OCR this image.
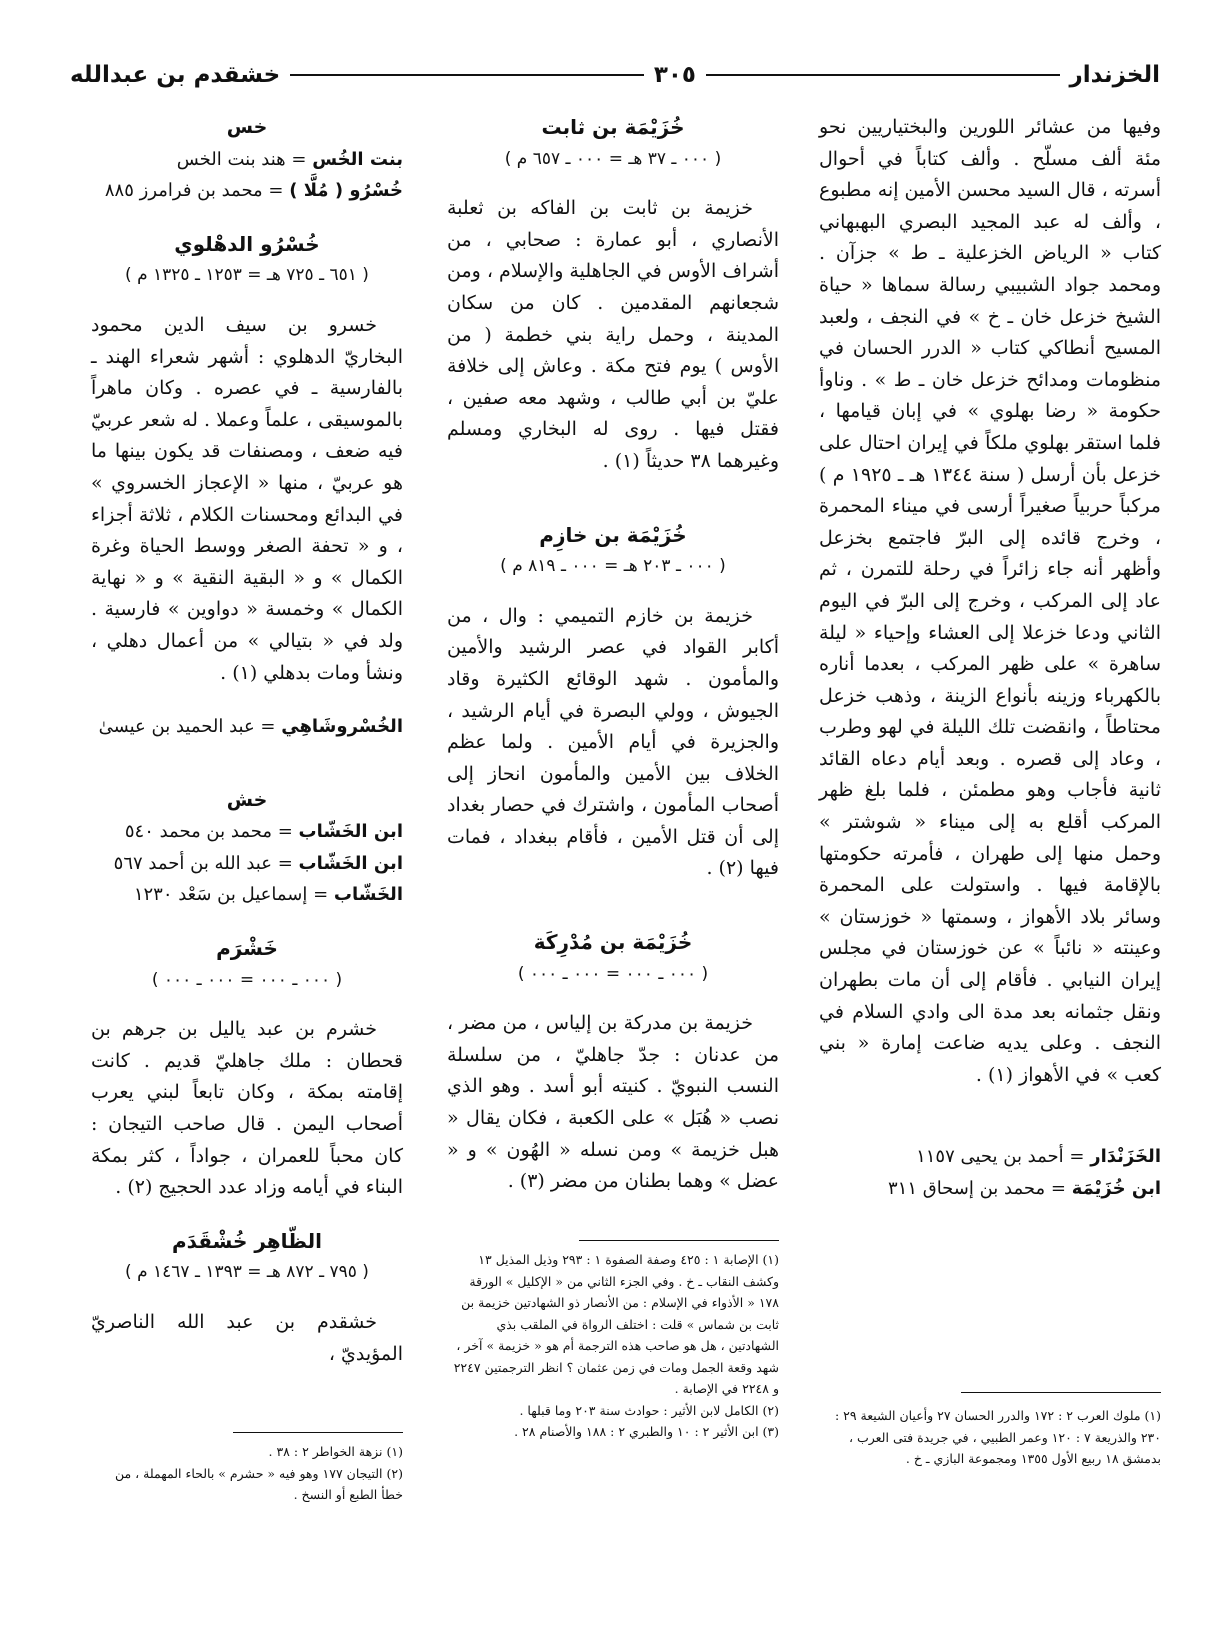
الخزندار
٣٠٥
خشقدم بن عبدالله

وفيها من عشائر اللورين والبختياريين نحو مئة ألف مسلّح . وألف كتاباً في أحوال أسرته ، قال السيد محسن الأمين إنه مطبوع ، وألف له عبد المجيد البصري البهبهاني كتاب « الرياض الخزعلية ـ ط » جزآن . ومحمد جواد الشبيبي رسالة سماها « حياة الشيخ خزعل خان ـ خ » في النجف ، ولعبد المسيح أنطاكي كتاب « الدرر الحسان في منظومات ومدائح خزعل خان ـ ط » . وناوأ حكومة « رضا بهلوي » في إبان قيامها ، فلما استقر بهلوي ملكاً في إيران احتال على خزعل بأن أرسل ( سنة ١٣٤٤ هـ ـ ١٩٢٥ م ) مركباً حربياً صغيراً أرسى في ميناء المحمرة ، وخرج قائده إلى البرّ فاجتمع بخزعل وأظهر أنه جاء زائراً في رحلة للتمرن ، ثم عاد إلى المركب ، وخرج إلى البرّ في اليوم الثاني ودعا خزعلا إلى العشاء وإحياء « ليلة ساهرة » على ظهر المركب ، بعدما أناره بالكهرباء وزينه بأنواع الزينة ، وذهب خزعل محتاطاً ، وانقضت تلك الليلة في لهو وطرب ، وعاد إلى قصره . وبعد أيام دعاه القائد ثانية فأجاب وهو مطمئن ، فلما بلغ ظهر المركب أقلع به إلى ميناء « شوشتر » وحمل منها إلى طهران ، فأمرته حكومتها بالإقامة فيها . واستولت على المحمرة وسائر بلاد الأهواز ، وسمتها « خوزستان » وعينته « نائباً » عن خوزستان في مجلس إيران النيابي . فأقام إلى أن مات بطهران ونقل جثمانه بعد مدة الى وادي السلام في النجف . وعلى يديه ضاعت إمارة « بني كعب » في الأهواز (١) .

الخَزَنْدَار = أحمد بن يحيى ١١٥٧

ابن خُزَيْمَة = محمد بن إسحاق ٣١١

(١) ملوك العرب ٢ : ١٧٢ والدرر الحسان ٢٧ وأعيان الشيعة ٢٩ : ٢٣٠ والذريعة ٧ : ١٢٠ وعمر الطبيي ، في جريدة فتى العرب ، بدمشق ١٨ ربيع الأول ١٣٥٥ ومجموعة البازي ـ خ .

خُزَيْمَة بن ثابت

( ٠٠٠ ـ ٣٧ هـ = ٠٠٠ ـ ٦٥٧ م )

خزيمة بن ثابت بن الفاكه بن ثعلبة الأنصاري ، أبو عمارة : صحابي ، من أشراف الأوس في الجاهلية والإسلام ، ومن شجعانهم المقدمين . كان من سكان المدينة ، وحمل راية بني خطمة ( من الأوس ) يوم فتح مكة . وعاش إلى خلافة عليّ بن أبي طالب ، وشهد معه صفين ، فقتل فيها . روى له البخاري ومسلم وغيرهما ٣٨ حديثاً (١) .

خُزَيْمَة بن خازِم

( ٠٠٠ ـ ٢٠٣ هـ = ٠٠٠ ـ ٨١٩ م )

خزيمة بن خازم التميمي : وال ، من أكابر القواد في عصر الرشيد والأمين والمأمون . شهد الوقائع الكثيرة وقاد الجيوش ، وولي البصرة في أيام الرشيد ، والجزيرة في أيام الأمين . ولما عظم الخلاف بين الأمين والمأمون انحاز إلى أصحاب المأمون ، واشترك في حصار بغداد إلى أن قتل الأمين ، فأقام ببغداد ، فمات فيها (٢) .

خُزَيْمَة بن مُدْرِكَة

( ٠٠٠ ـ ٠٠٠ = ٠٠٠ ـ ٠٠٠ )

خزيمة بن مدركة بن إلياس ، من مضر ، من عدنان : جدّ جاهليّ ، من سلسلة النسب النبويّ . كنيته أبو أسد . وهو الذي نصب « هُبَل » على الكعبة ، فكان يقال « هبل خزيمة » ومن نسله « الهُون » و « عضل » وهما بطنان من مضر (٣) .

(١) الإصابة ١ : ٤٢٥ وصفة الصفوة ١ : ٢٩٣ وذيل المذيل ١٣ وكشف النقاب ـ خ . وفي الجزء الثاني من « الإكليل » الورقة ١٧٨ « الأذواء في الإسلام : من الأنصار ذو الشهادتين خزيمة بن ثابت بن شماس » قلت : اختلف الرواة في الملقب بذي الشهادتين ، هل هو صاحب هذه الترجمة أم هو « خزيمة » آخر ، شهد وقعة الجمل ومات في زمن عثمان ؟ انظر الترجمتين ٢٢٤٧ و ٢٢٤٨ في الإصابة .
(٢) الكامل لابن الأثير : حوادث سنة ٢٠٣ وما قبلها .
(٣) ابن الأثير ٢ : ١٠ والطبري ٢ : ١٨٨ والأصنام ٢٨ .

خس

بنت الخُس = هند بنت الخس

خُسْرُو ( مُلَّا ) = محمد بن فرامرز ٨٨٥

خُسْرُو الدهْلوي

( ٦٥١ ـ ٧٢٥ هـ = ١٢٥٣ ـ ١٣٢٥ م )

خسرو بن سيف الدين محمود البخاريّ الدهلوي : أشهر شعراء الهند ـ بالفارسية ـ في عصره . وكان ماهراً بالموسيقى ، علماً وعملا . له شعر عربيّ فيه ضعف ، ومصنفات قد يكون بينها ما هو عربيّ ، منها « الإعجاز الخسروي » في البدائع ومحسنات الكلام ، ثلاثة أجزاء ، و « تحفة الصغر ووسط الحياة وغرة الكمال » و « البقية النقية » و « نهاية الكمال » وخمسة « دواوين » فارسية . ولد في « بتيالي » من أعمال دهلي ، ونشأ ومات بدهلي (١) .

الخُسْروشَاهِي = عبد الحميد بن عيسىٰ

خش

ابن الخَشّاب = محمد بن محمد ٥٤٠

ابن الخَشّاب = عبد الله بن أحمد ٥٦٧

الخَشّاب = إسماعيل بن سَعْد ١٢٣٠

خَشْرَم

( ٠٠٠ ـ ٠٠٠ = ٠٠٠ ـ ٠٠٠ )

خشرم بن عبد ياليل بن جرهم بن قحطان : ملك جاهليّ قديم . كانت إقامته بمكة ، وكان تابعاً لبني يعرب أصحاب اليمن . قال صاحب التيجان : كان محباً للعمران ، جواداً ، كثر بمكة البناء في أيامه وزاد عدد الحجيج (٢) .

الظّاهِر خُشْقَدَم

( ٧٩٥ ـ ٨٧٢ هـ = ١٣٩٣ ـ ١٤٦٧ م )

خشقدم بن عبد الله الناصريّ المؤيديّ ،

(١) نزهة الخواطر ٢ : ٣٨ .
(٢) التيجان ١٧٧ وهو فيه « حشرم » بالحاء المهملة ، من خطأ الطبع أو النسخ .
